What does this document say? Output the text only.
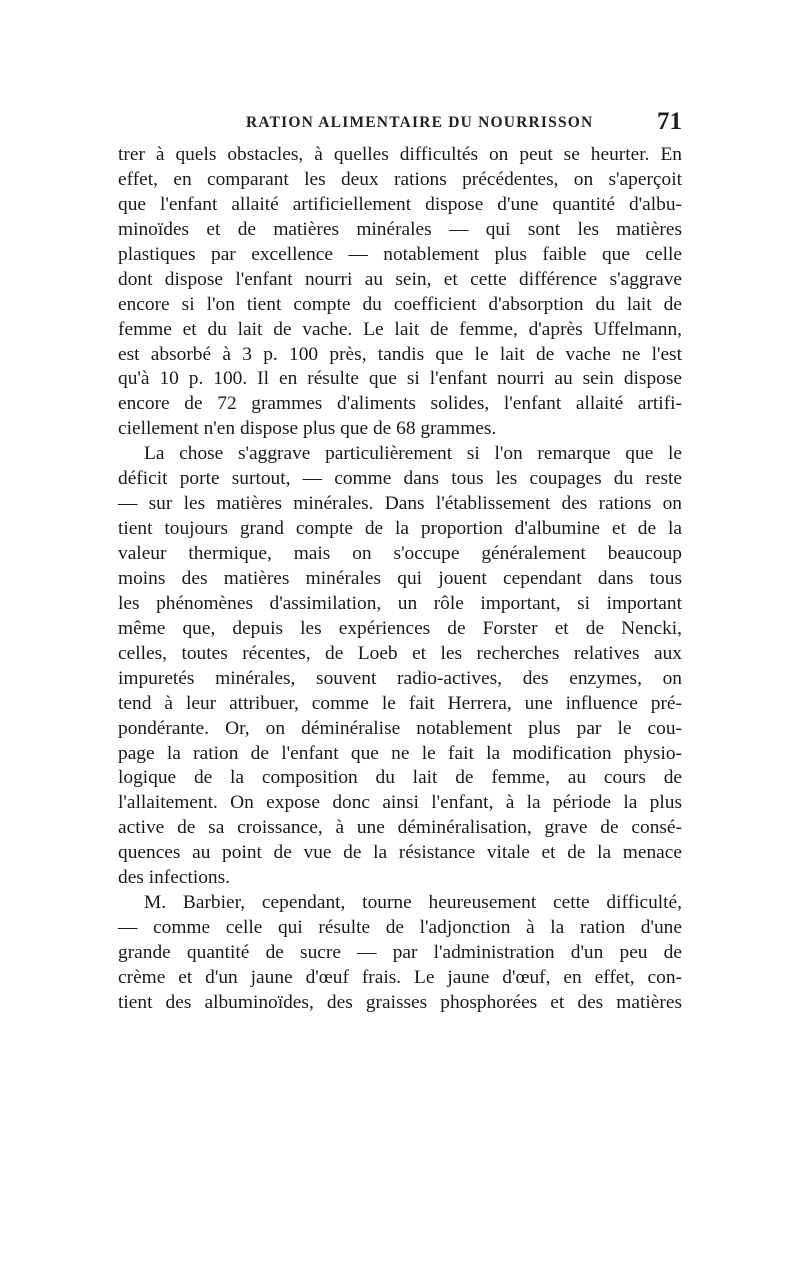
RATION ALIMENTAIRE DU NOURRISSON	71
trer à quels obstacles, à quelles difficultés on peut se heurter. En
effet, en comparant les deux rations précédentes, on s'aperçoit
que l'enfant allaité artificiellement dispose d'une quantité d'albu-
minoïdes et de matières minérales — qui sont les matières
plastiques par excellence — notablement plus faible que celle
dont dispose l'enfant nourri au sein, et cette différence s'aggrave
encore si l'on tient compte du coefficient d'absorption du lait de
femme et du lait de vache. Le lait de femme, d'après Uffelmann,
est absorbé à 3 p. 100 près, tandis que le lait de vache ne l'est
qu'à 10 p. 100. Il en résulte que si l'enfant nourri au sein dispose
encore de 72 grammes d'aliments solides, l'enfant allaité artifi-
ciellement n'en dispose plus que de 68 grammes.
La chose s'aggrave particulièrement si l'on remarque que le
déficit porte surtout, — comme dans tous les coupages du reste
— sur les matières minérales. Dans l'établissement des rations on
tient toujours grand compte de la proportion d'albumine et de la
valeur thermique, mais on s'occupe généralement beaucoup
moins des matières minérales qui jouent cependant dans tous
les phénomènes d'assimilation, un rôle important, si important
même que, depuis les expériences de Forster et de Nencki,
celles, toutes récentes, de Loeb et les recherches relatives aux
impuretés minérales, souvent radio-actives, des enzymes, on
tend à leur attribuer, comme le fait Herrera, une influence pré-
pondérante. Or, on déminéralise notablement plus par le cou-
page la ration de l'enfant que ne le fait la modification physio-
logique de la composition du lait de femme, au cours de
l'allaitement. On expose donc ainsi l'enfant, à la période la plus
active de sa croissance, à une déminéralisation, grave de consé-
quences au point de vue de la résistance vitale et de la menace
des infections.
M. Barbier, cependant, tourne heureusement cette difficulté,
— comme celle qui résulte de l'adjonction à la ration d'une
grande quantité de sucre — par l'administration d'un peu de
crème et d'un jaune d'œuf frais. Le jaune d'œuf, en effet, con-
tient des albuminoïdes, des graisses phosphorées et des matières
